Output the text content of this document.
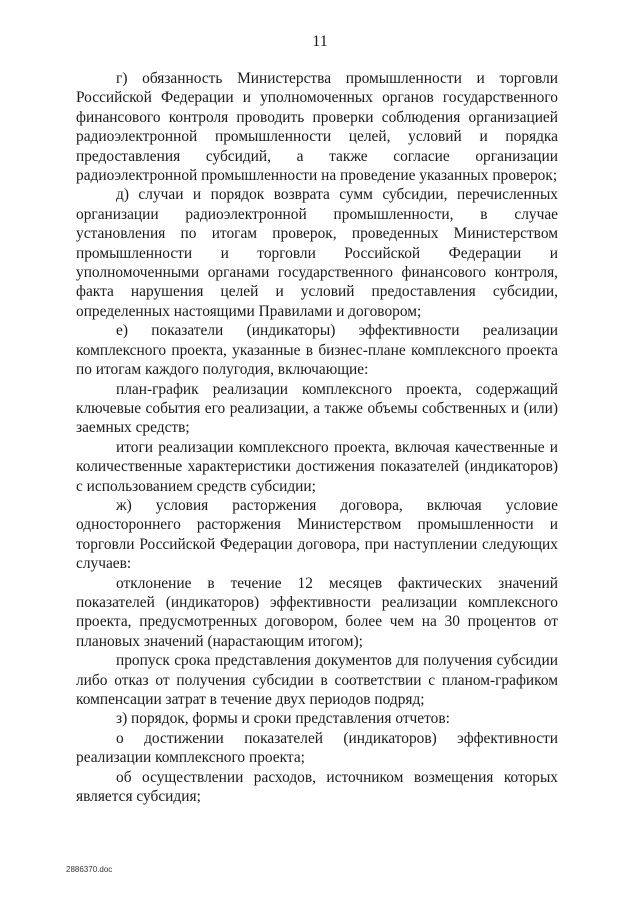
11

г) обязанность Министерства промышленности и торговли Российской Федерации и уполномоченных органов государственного финансового контроля проводить проверки соблюдения организацией радиоэлектронной промышленности целей, условий и порядка предоставления субсидий, а также согласие организации радиоэлектронной промышленности на проведение указанных проверок;

д) случаи и порядок возврата сумм субсидии, перечисленных организации радиоэлектронной промышленности, в случае установления по итогам проверок, проведенных Министерством промышленности и торговли Российской Федерации и уполномоченными органами государственного финансового контроля, факта нарушения целей и условий предоставления субсидии, определенных настоящими Правилами и договором;

е) показатели (индикаторы) эффективности реализации комплексного проекта, указанные в бизнес-плане комплексного проекта по итогам каждого полугодия, включающие:

план-график реализации комплексного проекта, содержащий ключевые события его реализации, а также объемы собственных и (или) заемных средств;

итоги реализации комплексного проекта, включая качественные и количественные характеристики достижения показателей (индикаторов) с использованием средств субсидии;

ж) условия расторжения договора, включая условие одностороннего расторжения Министерством промышленности и торговли Российской Федерации договора, при наступлении следующих случаев:

отклонение в течение 12 месяцев фактических значений показателей (индикаторов) эффективности реализации комплексного проекта, предусмотренных договором, более чем на 30 процентов от плановых значений (нарастающим итогом);

пропуск срока представления документов для получения субсидии либо отказ от получения субсидии в соответствии с планом-графиком компенсации затрат в течение двух периодов подряд;

з) порядок, формы и сроки представления отчетов:

о достижении показателей (индикаторов) эффективности реализации комплексного проекта;

об осуществлении расходов, источником возмещения которых является субсидия;

2886370.doc
